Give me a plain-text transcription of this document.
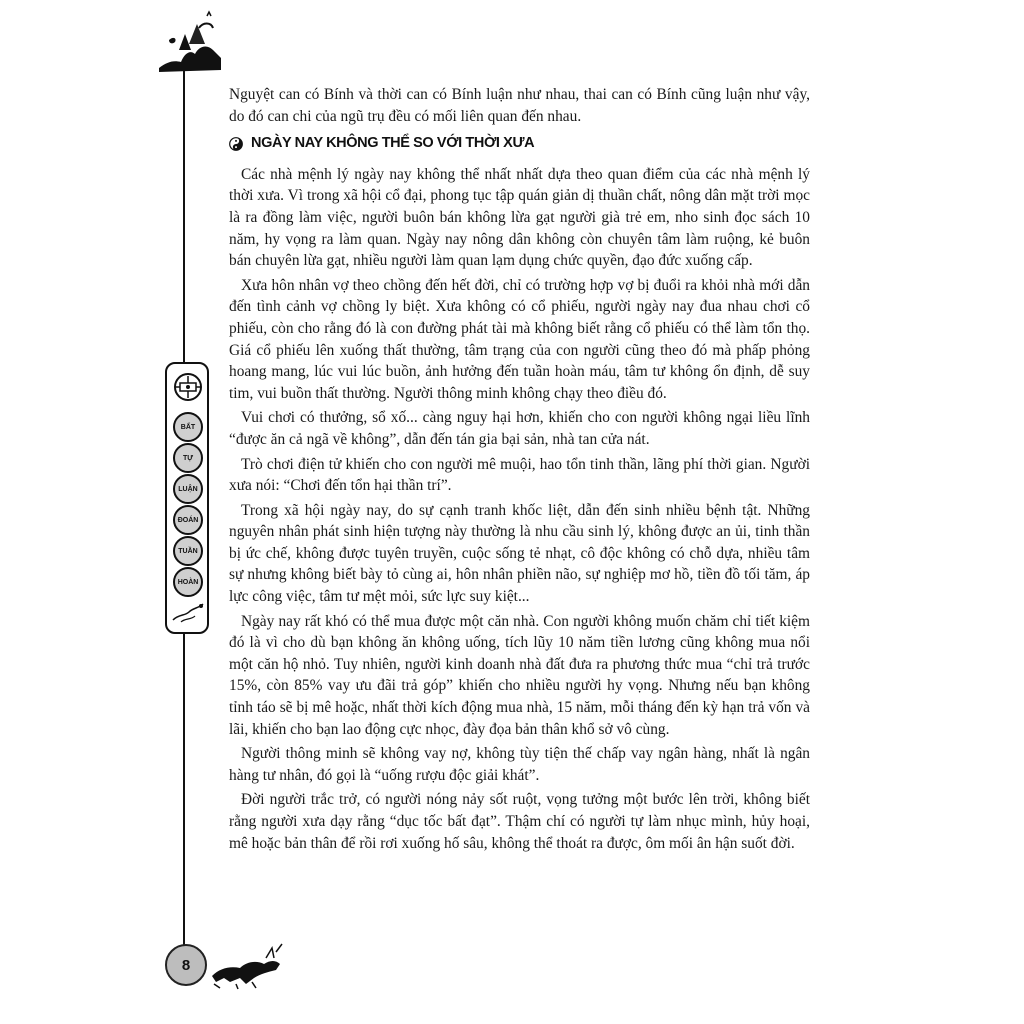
BẤT
TỰ
LUẬN
ĐOÁN
TUẦN
HOÀN
8

Nguyệt can có Bính và thời can có Bính luận như nhau, thai can có Bính cũng luận như vậy, do đó can chi của ngũ trụ đều có mối liên quan đến nhau.

NGÀY NAY KHÔNG THỂ SO VỚI THỜI XƯA

Các nhà mệnh lý ngày nay không thể nhất nhất dựa theo quan điểm của các nhà mệnh lý thời xưa. Vì trong xã hội cổ đại, phong tục tập quán giản dị thuần chất, nông dân mặt trời mọc là ra đồng làm việc, người buôn bán không lừa gạt người già trẻ em, nho sinh đọc sách 10 năm, hy vọng ra làm quan. Ngày nay nông dân không còn chuyên tâm làm ruộng, kẻ buôn bán chuyên lừa gạt, nhiều người làm quan lạm dụng chức quyền, đạo đức xuống cấp.

Xưa hôn nhân vợ theo chồng đến hết đời, chỉ có trường hợp vợ bị đuổi ra khỏi nhà mới dẫn đến tình cảnh vợ chồng ly biệt. Xưa không có cổ phiếu, người ngày nay đua nhau chơi cổ phiếu, còn cho rằng đó là con đường phát tài mà không biết rằng cổ phiếu có thể làm tổn thọ. Giá cổ phiếu lên xuống thất thường, tâm trạng của con người cũng theo đó mà phấp phỏng hoang mang, lúc vui lúc buồn, ảnh hưởng đến tuần hoàn máu, tâm tư không ổn định, dễ suy tim, vui buồn thất thường. Người thông minh không chạy theo điều đó.

Vui chơi có thưởng, sổ xố... càng nguy hại hơn, khiến cho con người không ngại liều lĩnh “được ăn cả ngã về không”, dẫn đến tán gia bại sản, nhà tan cửa nát.

Trò chơi điện tử khiến cho con người mê muội, hao tổn tinh thần, lãng phí thời gian. Người xưa nói: “Chơi đến tổn hại thần trí”.

Trong xã hội ngày nay, do sự cạnh tranh khốc liệt, dẫn đến sinh nhiều bệnh tật. Những nguyên nhân phát sinh hiện tượng này thường là nhu cầu sinh lý, không được an ủi, tinh thần bị ức chế, không được tuyên truyền, cuộc sống tẻ nhạt, cô độc không có chỗ dựa, nhiều tâm sự nhưng không biết bày tỏ cùng ai, hôn nhân phiền não, sự nghiệp mơ hồ, tiền đồ tối tăm, áp lực công việc, tâm tư mệt mỏi, sức lực suy kiệt...

Ngày nay rất khó có thể mua được một căn nhà. Con người không muốn chăm chỉ tiết kiệm đó là vì cho dù bạn không ăn không uống, tích lũy 10 năm tiền lương cũng không mua nổi một căn hộ nhỏ. Tuy nhiên, người kinh doanh nhà đất đưa ra phương thức mua “chỉ trả trước 15%, còn 85% vay ưu đãi trả góp” khiến cho nhiều người hy vọng. Nhưng nếu bạn không tỉnh táo sẽ bị mê hoặc, nhất thời kích động mua nhà, 15 năm, mỗi tháng đến kỳ hạn trả vốn và lãi, khiến cho bạn lao động cực nhọc, đày đọa bản thân khổ sở vô cùng.

Người thông minh sẽ không vay nợ, không tùy tiện thế chấp vay ngân hàng, nhất là ngân hàng tư nhân, đó gọi là “uống rượu độc giải khát”.

Đời người trắc trở, có người nóng nảy sốt ruột, vọng tưởng một bước lên trời, không biết rằng người xưa dạy rằng “dục tốc bất đạt”. Thậm chí có người tự làm nhục mình, hủy hoại, mê hoặc bản thân để rồi rơi xuống hố sâu, không thể thoát ra được, ôm mối ân hận suốt đời.
